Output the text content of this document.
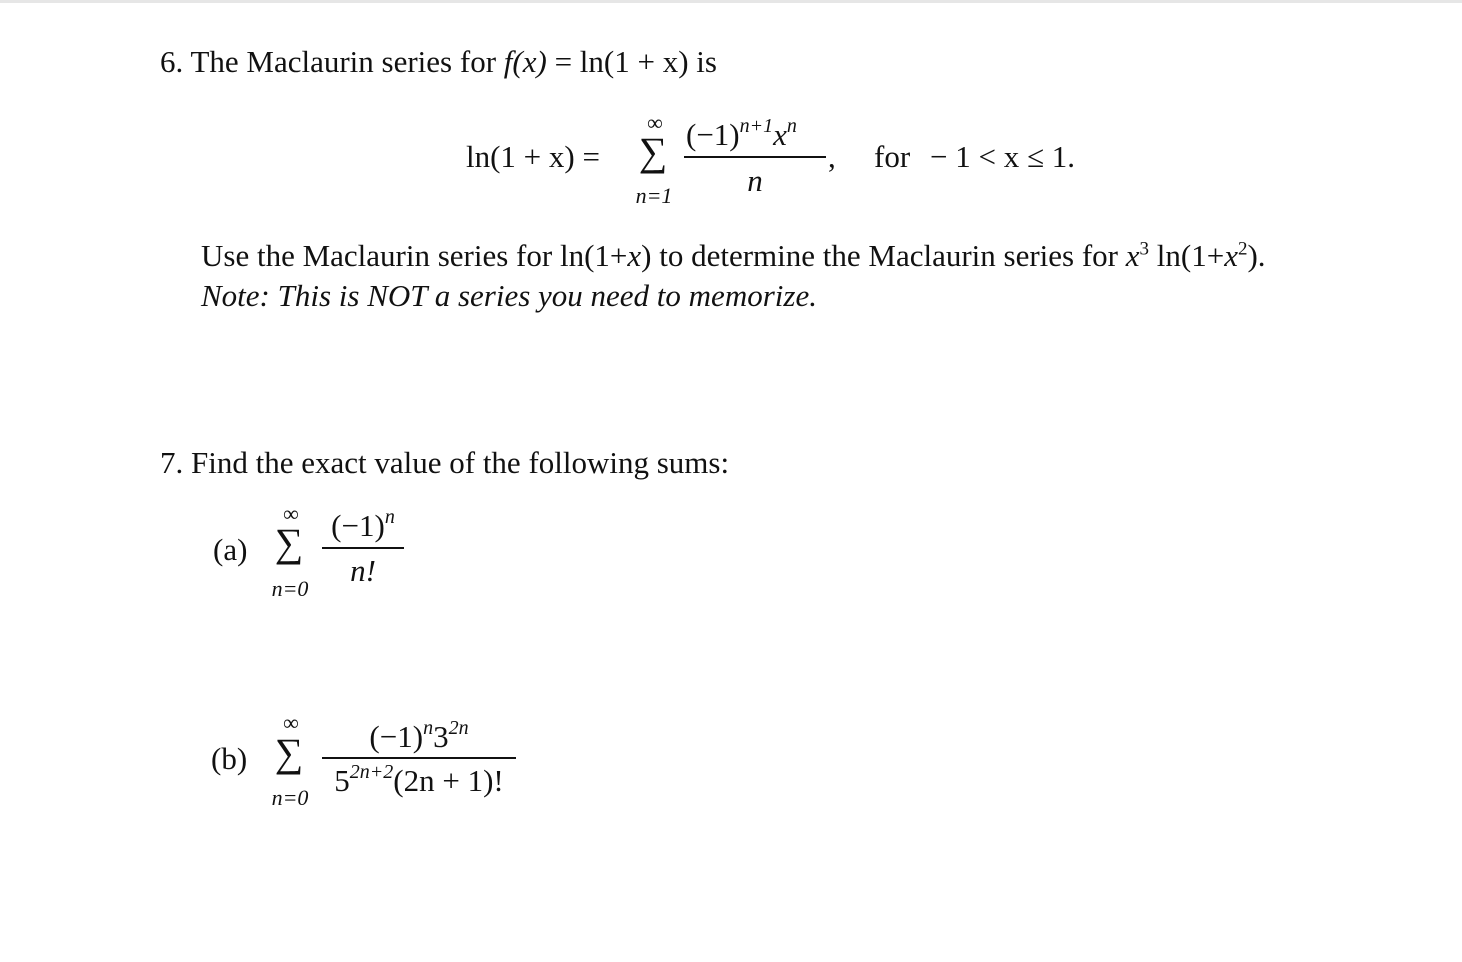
6. The Maclaurin series for f(x) = ln(1 + x) is
ln(1 + x) =
∞
∑
n=1
$(-1)^{n+1}x^n$
n
, for − 1 < x ≤ 1.
Use the Maclaurin series for ln(1+x) to determine the Maclaurin series for $x^3$ $\ln(1+x^2)$.
Note: This is NOT a series you need to memorize.
7. Find the exact value of the following sums:
(a)
∞
∑
n=0
$(-1)^n$
n!
(b)
∞
∑
n=0
$(-1)^n3^{2n}$
$5^{2n+2}(2n + 1)$!
